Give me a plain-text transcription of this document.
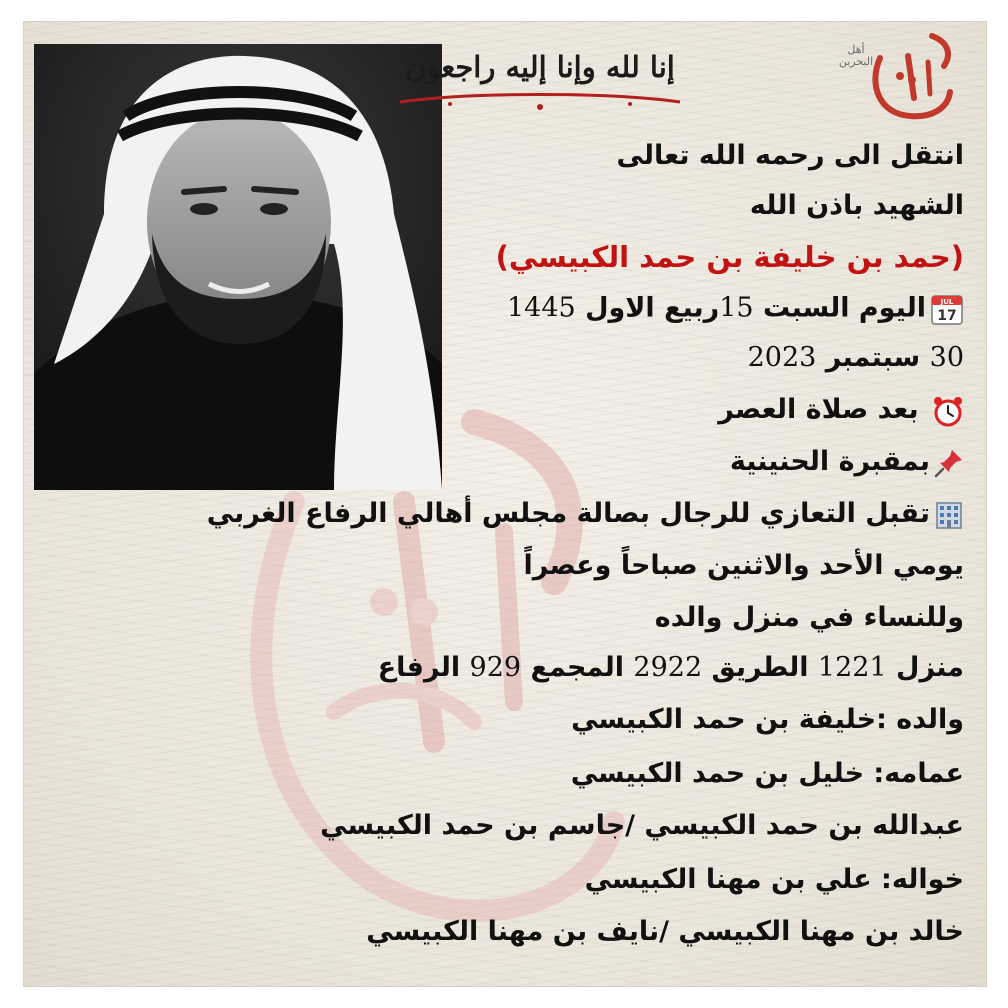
إنا لله وإنا إليه راجعون
أهل البحرين
انتقل الى رحمه الله تعالى
الشهيد باذن الله
(حمد بن خليفة بن حمد الكبيسي)
JUL
17
اليوم السبت 15ربيع الاول 1445
30 سبتمبر 2023
بعد صلاة العصر
بمقبرة الحنينية
تقبل التعازي للرجال بصالة مجلس أهالي الرفاع الغربي
يومي الأحد والاثنين صباحاً وعصراً
وللنساء في منزل والده
منزل 1221 الطريق 2922 المجمع 929 الرفاع
والده :خليفة بن حمد الكبيسي
عمامه: خليل بن حمد الكبيسي
عبدالله بن حمد الكبيسي /جاسم بن حمد الكبيسي
خواله: علي بن مهنا الكبيسي
خالد بن مهنا الكبيسي /نايف بن مهنا الكبيسي
